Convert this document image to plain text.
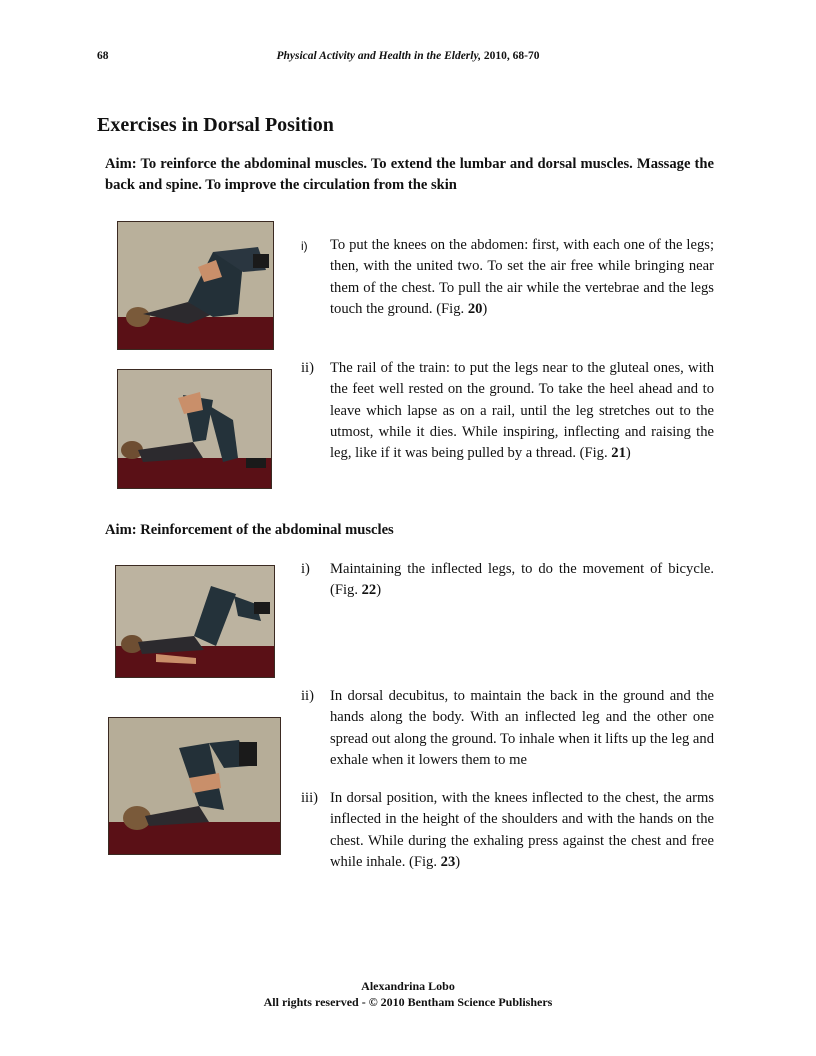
68	Physical Activity and Health in the Elderly, 2010, 68-70
Exercises in Dorsal Position
Aim: To reinforce the abdominal muscles. To extend the lumbar and dorsal muscles. Massage the back and spine. To improve the circulation from the skin
i) To put the knees on the abdomen: first, with each one of the legs; then, with the united two. To set the air free while bringing near them of the chest. To pull the air while the vertebrae and the legs touch the ground. (Fig. 20)
ii) The rail of the train: to put the legs near to the gluteal ones, with the feet well rested on the ground. To take the heel ahead and to leave which lapse as on a rail, until the leg stretches out to the utmost, while it dies. While inspiring, inflecting and raising the leg, like if it was being pulled by a thread. (Fig. 21)
Aim: Reinforcement of the abdominal muscles
i) Maintaining the inflected legs, to do the movement of bicycle. (Fig. 22)
ii) In dorsal decubitus, to maintain the back in the ground and the hands along the body. With an inflected leg and the other one spread out along the ground. To inhale when it lifts up the leg and exhale when it lowers them to me
iii) In dorsal position, with the knees inflected to the chest, the arms inflected in the height of the shoulders and with the hands on the chest. While during the exhaling press against the chest and free while inhale. (Fig. 23)
Alexandrina Lobo
All rights reserved - © 2010 Bentham Science Publishers
